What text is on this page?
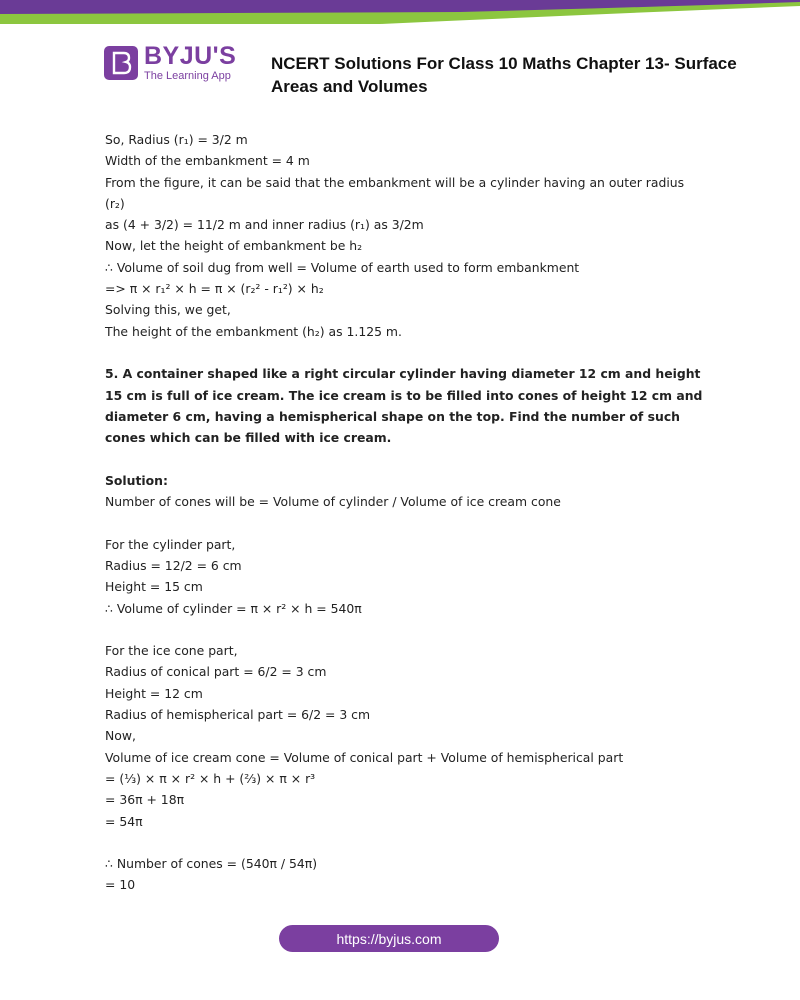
BYJU'S
The Learning App
NCERT Solutions For Class 10 Maths Chapter 13- Surface Areas and Volumes
So, Radius (r₁) = 3/2 m
Width of the embankment = 4 m
From the figure, it can be said that the embankment will be a cylinder having an outer radius
(r₂)
as (4 + 3/2) = 11/2 m and inner radius (r₁) as 3/2m
Now, let the height of embankment be h₂
∴ Volume of soil dug from well = Volume of earth used to form embankment
=> π × r₁² × h = π × (r₂² - r₁²) × h₂
Solving this, we get,
The height of the embankment (h₂) as 1.125 m.
5. A container shaped like a right circular cylinder having diameter 12 cm and height 15 cm is full of ice cream. The ice cream is to be filled into cones of height 12 cm and diameter 6 cm, having a hemispherical shape on the top. Find the number of such cones which can be filled with ice cream.
Solution:
Number of cones will be = Volume of cylinder / Volume of ice cream cone
For the cylinder part,
Radius = 12/2 = 6 cm
Height = 15 cm
∴ Volume of cylinder = π × r² × h = 540π
For the ice cone part,
Radius of conical part = 6/2 = 3 cm
Height = 12 cm
Radius of hemispherical part = 6/2 = 3 cm
Now,
Volume of ice cream cone = Volume of conical part + Volume of hemispherical part
= (⅓) × π × r² × h + (⅔) × π × r³
= 36π + 18π
= 54π
∴ Number of cones = (540π / 54π)
= 10
https://byjus.com
